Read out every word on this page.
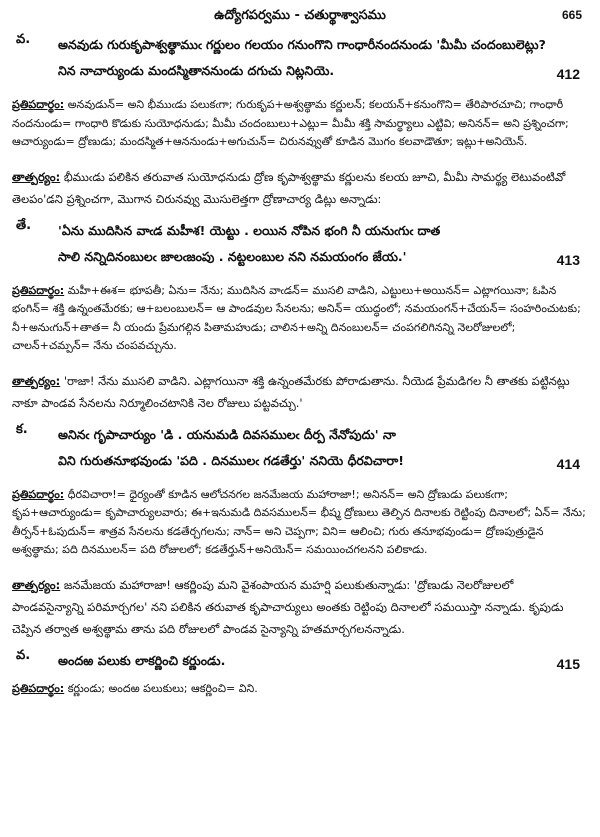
ఉద్యోగపర్వము - చతుర్థాశ్వాసము	665
వ.	అనవుడు గురుకృపాశ్వత్థాముఁ గర్ణులం గలయం గనుంగొని గాంధారీనందనుండు 'మీమీ చందంబులెట్లు?
నిన నాచార్యుండు మందస్మితాననుండు దగుచు నిట్లనియె.	412

ప్రతిపదార్థం: అనవుడున్= అని భీముఁడు పలుకఁగా; గురుకృప+అశ్వత్థామ కర్ణులన్; కలయన్+కనుంగొని= తేరిపారచూచి; గాంధారీ నందనుండు= గాంధారి కొడుకు సుయోధనుడు; మీమీ చందంబులు+ఎట్లు= మీమీ శక్తి సామర్థ్యాలు ఎట్టివి; అనినన్= అని ప్రశ్నించగా; ఆచార్యుండు= ద్రోణుడు; మందస్మిత+ఆననుండు+అగుచున్= చిరునవ్వుతో కూడిన మొగం కలవాడౌతూ; ఇట్లు+అనియెన్.

తాత్పర్యం: భీముఁడు పలికిన తరువాత సుయోధనుడు ద్రోణ కృపాశ్వత్థామ కర్ణులను కలయ జూచి, మీమీ సామర్థ్య లెటువంటివో తెలపం'డని ప్రశ్నించగా, మొగాన చిరునవ్వు మొసులెత్తగా ద్రోణాచార్య డిట్లు అన్నాడు:

తే.	'ఏను ముదిసిన వాఁడ మహీశ! యెట్టు . లయిన నోపిన భంగి నీ యనుఁగుఁ దాత
సాలి నన్నిదినంబులఁ జాలఁజంపు . నట్టలంబుల నని నమయంగం జేయ.'	413

ప్రతిపదార్థం: మహీ+ఈశ= భూపతీ; ఏను= నేను; ముదిసిన వాఁడన్= ముసలి వాడిని, ఎట్టులు+అయినన్= ఎట్లాగయినా; ఓపిన భంగిన్= శక్తి ఉన్నంతమేరకు; ఆ+బలంబులన్= ఆ పాండవుల సేనలను; అనిన్= యుద్ధంలో; నమయంగన్+చేయన్= సంహరించుటకు; నీ+అనుఁగున్+తాత= నీ యందు ప్రేమగల్గిన పితామహుడు; చాలిన+అన్ని దినంబులన్= చంపగలిగినన్ని నెలరోజులలో; చాలన్+చమ్పన్= నేను చంపవచ్చును.

తాత్పర్యం: 'రాజా! నేను ముసలి వాడిని. ఎట్లాగయినా శక్తి ఉన్నంతమేరకు పోరాడుతాను. నీయెడ ప్రేమడిగల నీ తాతకు పట్టినట్లు నాకూ పాండవ సేనలను నిర్మూలించటానికి నెల రోజులు పట్టవచ్చు.'

క.	అనినఁ గృపాచార్యుం 'డి . యనుమడి దివసములఁ దీర్ప నేనోపుదు' నా
విని గురుతనూభవుండు 'పది . దినములఁ గడతేర్తు' ననియె ధీరవిచారా!	414

ప్రతిపదార్థం: ధీరవిచారా!= ధైర్యంతో కూడిన ఆలోచనగల జనమేజయ మహారాజా!; అనినన్= అని ద్రోణుడు పలుకఁగా; కృప+ఆచార్యుండు= కృపాచార్యులవారు; ఈ+ఇనుమడి దివసములన్= భీష్మ ద్రోణులు తెల్పిన దినాలకు రెట్టింపు దినాలలో; ఏన్= నేను; తీర్పన్+ఓపుదున్= శాత్రవ సేనలను కడతేర్చగలను; నాన్= అని చెప్పగా; విని= ఆలించి; గురు తనూభవుండు= ద్రోణపుత్రుడైన అశ్వత్థామ; పది దినములన్= పది రోజులలో; కడతేర్తున్+అనియెన్= సమయించగలనని పలికాడు.

తాత్పర్యం: జనమేజయ మహారాజా! ఆకర్ణింపు మని వైశంపాయన మహర్షి పలుకుతున్నాడు: 'ద్రోణుడు నెలరోజులలో పాండవసైన్యాన్ని పరిమార్చగల' నని పలికిన తరువాత కృపాచార్యులు అంతకు రెట్టింపు దినాలలో సమయిస్తా నన్నాడు. కృపుడు చెప్పిన తర్వాత అశ్వత్థామ తాను పది రోజులలో పాండవ సైన్యాన్ని హతమార్చగలనన్నాడు.

వ.	అందఱ పలుకు లాకర్ణించి కర్ణుండు.	415

ప్రతిపదార్థం: కర్ణుండు; అందఱ పలుకులు; ఆకర్ణించి= విని.
